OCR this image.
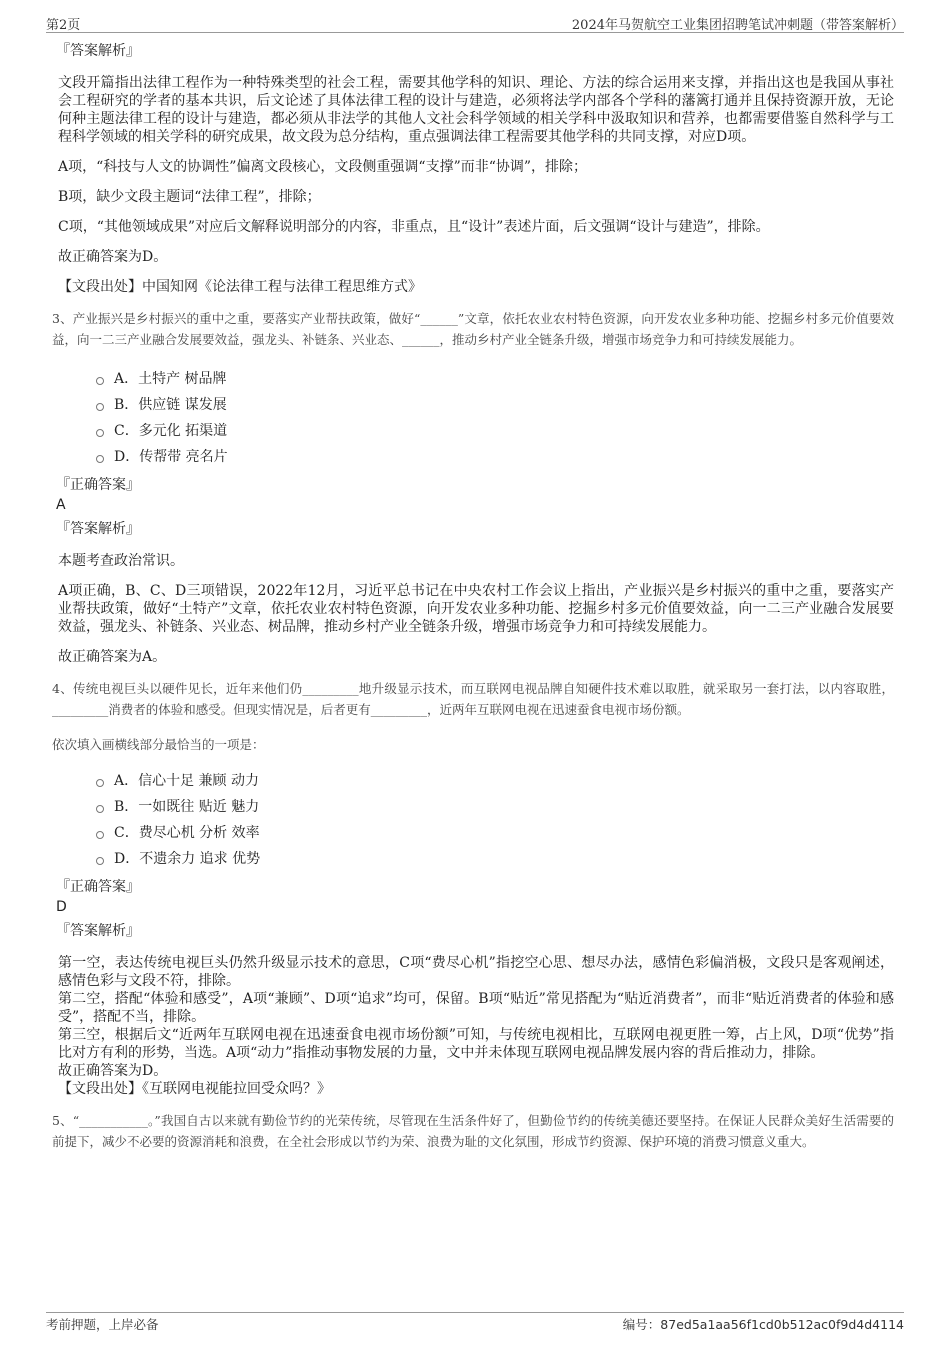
第2页	2024年马贺航空工业集团招聘笔试冲刺题（带答案解析）
『答案解析』

文段开篇指出法律工程作为一种特殊类型的社会工程，需要其他学科的知识、理论、方法的综合运用来支撑，并指出这也是我国从事社会工程研究的学者的基本共识，后文论述了具体法律工程的设计与建造，必须将法学内部各个学科的藩篱打通并且保持资源开放，无论何种主题法律工程的设计与建造，都必须从非法学的其他人文社会科学领域的相关学科中汲取知识和营养，也都需要借鉴自然科学与工程科学领域的相关学科的研究成果，故文段为总分结构，重点强调法律工程需要其他学科的共同支撑，对应D项。

A项，“科技与人文的协调性”偏离文段核心，文段侧重强调“支撑”而非“协调”，排除；

B项，缺少文段主题词“法律工程”，排除；

C项，“其他领域成果”对应后文解释说明部分的内容，非重点，且“设计”表述片面，后文强调“设计与建造”，排除。

故正确答案为D。

【文段出处】中国知网《论法律工程与法律工程思维方式》

3、产业振兴是乡村振兴的重中之重，要落实产业帮扶政策，做好“______”文章，依托农业农村特色资源，向开发农业多种功能、挖掘乡村多元价值要效益，向一二三产业融合发展要效益，强龙头、补链条、兴业态、______，推动乡村产业全链条升级，增强市场竞争力和可持续发展能力。

A．土特产 树品牌
B．供应链 谋发展
C．多元化 拓渠道
D．传帮带 亮名片
『正确答案』
A
『答案解析』

本题考查政治常识。

A项正确，B、C、D三项错误，2022年12月，习近平总书记在中央农村工作会议上指出，产业振兴是乡村振兴的重中之重，要落实产业帮扶政策，做好“土特产”文章，依托农业农村特色资源，向开发农业多种功能、挖掘乡村多元价值要效益，向一二三产业融合发展要效益，强龙头、补链条、兴业态、树品牌，推动乡村产业全链条升级，增强市场竞争力和可持续发展能力。

故正确答案为A。

4、传统电视巨头以硬件见长，近年来他们仍_________地升级显示技术，而互联网电视品牌自知硬件技术难以取胜，就采取另一套打法，以内容取胜，_________消费者的体验和感受。但现实情况是，后者更有_________，近两年互联网电视在迅速蚕食电视市场份额。

依次填入画横线部分最恰当的一项是：

A．信心十足 兼顾 动力
B．一如既往 贴近 魅力
C．费尽心机 分析 效率
D．不遗余力 追求 优势
『正确答案』
D
『答案解析』

第一空，表达传统电视巨头仍然升级显示技术的意思，C项“费尽心机”指挖空心思、想尽办法，感情色彩偏消极，文段只是客观阐述，感情色彩与文段不符，排除。

第二空，搭配“体验和感受”，A项“兼顾”、D项“追求”均可，保留。B项“贴近”常见搭配为“贴近消费者”，而非“贴近消费者的体验和感受”，搭配不当，排除。

第三空，根据后文“近两年互联网电视在迅速蚕食电视市场份额”可知，与传统电视相比，互联网电视更胜一筹，占上风，D项“优势”指比对方有利的形势，当选。A项“动力”指推动事物发展的力量，文中并未体现互联网电视品牌发展内容的背后推动力，排除。

故正确答案为D。

【文段出处】《互联网电视能拉回受众吗？》

5、“___________。”我国自古以来就有勤俭节约的光荣传统，尽管现在生活条件好了，但勤俭节约的传统美德还要坚持。在保证人民群众美好生活需要的前提下，减少不必要的资源消耗和浪费，在全社会形成以节约为荣、浪费为耻的文化氛围，形成节约资源、保护环境的消费习惯意义重大。

考前押题，上岸必备	编号：87ed5a1aa56f1cd0b512ac0f9d4d4114
